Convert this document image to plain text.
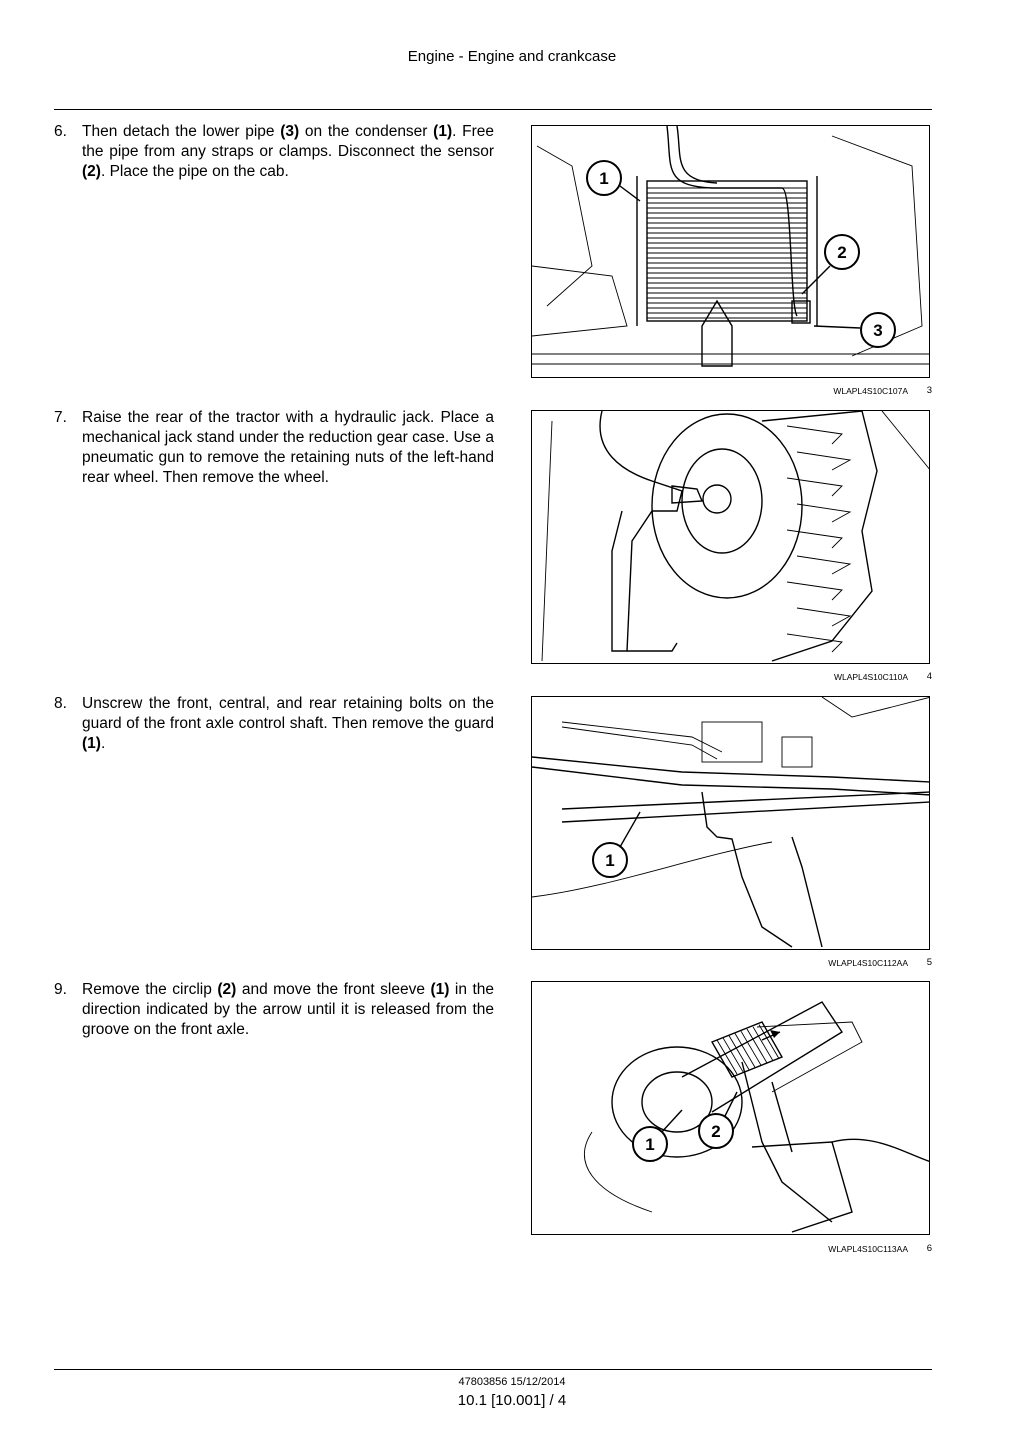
Engine - Engine and crankcase
6. Then detach the lower pipe (3) on the condenser (1). Free the pipe from any straps or clamps. Disconnect the sensor (2). Place the pipe on the cab.	1
2
3
WLAPL4S10C107A	3
7. Raise the rear of the tractor with a hydraulic jack. Place a mechanical jack stand under the reduction gear case. Use a pneumatic gun to remove the retaining nuts of the left-hand rear wheel. Then remove the wheel.
WLAPL4S10C110A	4
8. Unscrew the front, central, and rear retaining bolts on the guard of the front axle control shaft. Then remove the guard (1).
1
WLAPL4S10C112AA	5
9. Remove the circlip (2) and move the front sleeve (1) in the direction indicated by the arrow until it is released from the groove on the front axle.
1
2
WLAPL4S10C113AA	6
47803856 15/12/2014
10.1 [10.001] / 4
